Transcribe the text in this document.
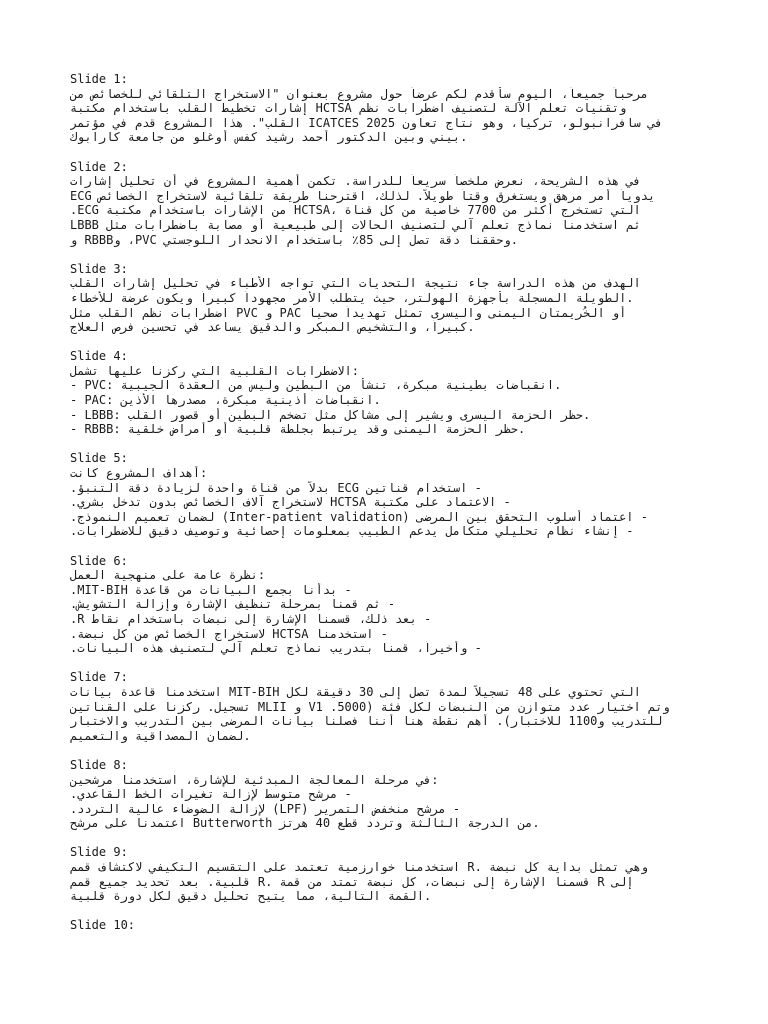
Slide 1:
مرحباً جميعاً، اليوم سأقدم لكم عرضاً حول مشروع بعنوان "الاستخراج التلقائي للخصائص من
وتقنيات تعلم الآلة لتصنيف اضطرابات نظم HCTSA إشارات تخطيط القلب باستخدام مكتبة
في سافرانبولو، تركيا، وهو نتاج تعاون ICATCES 2025 القلب". هذا المشروع قدم في مؤتمر
.بيني وبين الدكتور أحمد رشيد كفس أوغلو من جامعة كارابوك
Slide 2:
في هذه الشريحة، نعرض ملخصاً سريعاً للدراسة. تكمن أهمية المشروع في أن تحليل إشارات
ECG يدوياً أمر مرهق ويستغرق وقتاً طويلاً. لذلك، اقترحنا طريقة تلقائية لاستخراج الخصائص
.ECG من الإشارات باستخدام مكتبة HCTSA، التي تستخرج أكثر من 7700 خاصية من كل قناة
LBBB ثم استخدمنا نماذج تعلم آلي لتصنيف الحالات إلى طبيعية أو مصابة باضطرابات مثل
.وحققنا دقة تصل إلى 85٪ باستخدام الانحدار اللوجستي PVC، وRBBB و
Slide 3:
الهدف من هذه الدراسة جاء نتيجة التحديات التي تواجه الأطباء في تحليل إشارات القلب
.الطويلة المسجلة بأجهزة الهولتر، حيث يتطلب الأمر مجهوداً كبيراً ويكون عرضة للأخطاء
أو الخُريمتان اليمنى واليسرى تمثل تهديداً صحياً PAC و PVC اضطرابات نظم القلب مثل
.كبيراً، والتشخيص المبكر والدقيق يساعد في تحسين فرص العلاج
Slide 4:
:الاضطرابات القلبية التي ركزنا عليها تشمل
- PVC: انقباضات بطينية مبكرة، تنشأ من البطين وليس من العقدة الجيبية.
- PAC: انقباضات أذينية مبكرة، مصدرها الأذين.
- LBBB: حظر الحزمة اليسرى ويشير إلى مشاكل مثل تضخم البطين أو قصور القلب.
- RBBB: حظر الحزمة اليمنى وقد يرتبط بجلطة قلبية أو أمراض خلقية.
Slide 5:
:أهداف المشروع كانت
- استخدام قناتين ECG بدلاً من قناة واحدة لزيادة دقة التنبؤ.
- الاعتماد على مكتبة HCTSA لاستخراج آلاف الخصائص بدون تدخل بشري.
- اعتماد أسلوب التحقق بين المرضى (Inter-patient validation) لضمان تعميم النموذج.
- إنشاء نظام تحليلي متكامل يدعم الطبيب بمعلومات إحصائية وتوصيف دقيق للاضطرابات.
Slide 6:
:نظرة عامة على منهجية العمل
- بدأنا بجمع البيانات من قاعدة MIT-BIH.
- ثم قمنا بمرحلة تنظيف الإشارة وإزالة التشويش.
- بعد ذلك، قسمنا الإشارة إلى نبضات باستخدام نقاط R.
- استخدمنا HCTSA لاستخراج الخصائص من كل نبضة.
- وأخيراً، قمنا بتدريب نماذج تعلم آلي لتصنيف هذه البيانات.
Slide 7:
التي تحتوي على 48 تسجيلاً لمدة تصل إلى 30 دقيقة لكل MIT-BIH استخدمنا قاعدة بيانات
وتم اختيار عدد متوازن من النبضات لكل فئة (V1 .5000 و MLII تسجيل. ركزنا على القناتين
للتدريب و1100 للاختبار). أهم نقطة هنا أننا فصلنا بيانات المرضى بين التدريب والاختبار
.لضمان المصداقية والتعميم
Slide 8:
:في مرحلة المعالجة المبدئية للإشارة، استخدمنا مرشحين
- مرشح متوسط لإزالة تغيرات الخط القاعدي.
- مرشح منخفض التمرير (LPF) لإزالة الضوضاء عالية التردد.
.من الدرجة الثالثة وتردد قطع 40 هرتز Butterworth اعتمدنا على مرشح
Slide 9:
وهي تمثل بداية كل نبضة .R استخدمنا خوارزمية تعتمد على التقسيم التكيفي لاكتشاف قمم
إلى R قسمنا الإشارة إلى نبضات، كل نبضة تمتد من قمة .R قلبية. بعد تحديد جميع قمم
.القمة التالية، مما يتيح تحليل دقيق لكل دورة قلبية
Slide 10:
